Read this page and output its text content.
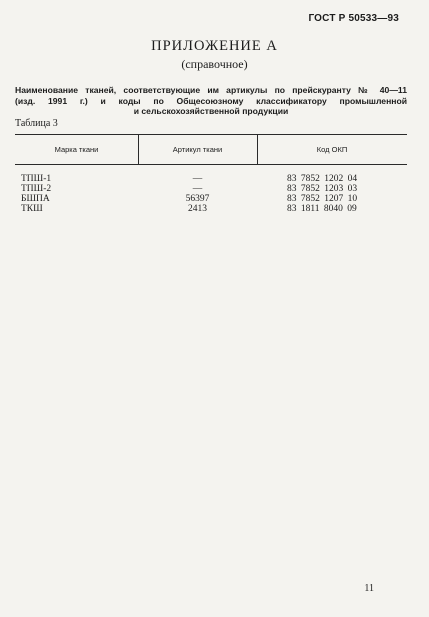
ГОСТ Р 50533—93
ПРИЛОЖЕНИЕ А
(справочное)
Наименование тканей, соответствующие им артикулы по прейскуранту № 40—11
(изд. 1991 г.) и коды по Общесоюзному классификатору промышленной
и сельскохозяйственной продукции
Таблица 3
Марка ткани	Артикул ткани	Код ОКП
ТПШ-1	—	83 7852 1202 04
ТПШ-2	—	83 7852 1203 03
БШПА	56397	83 7852 1207 10
ТКШ	2413	83 1811 8040 09
11
